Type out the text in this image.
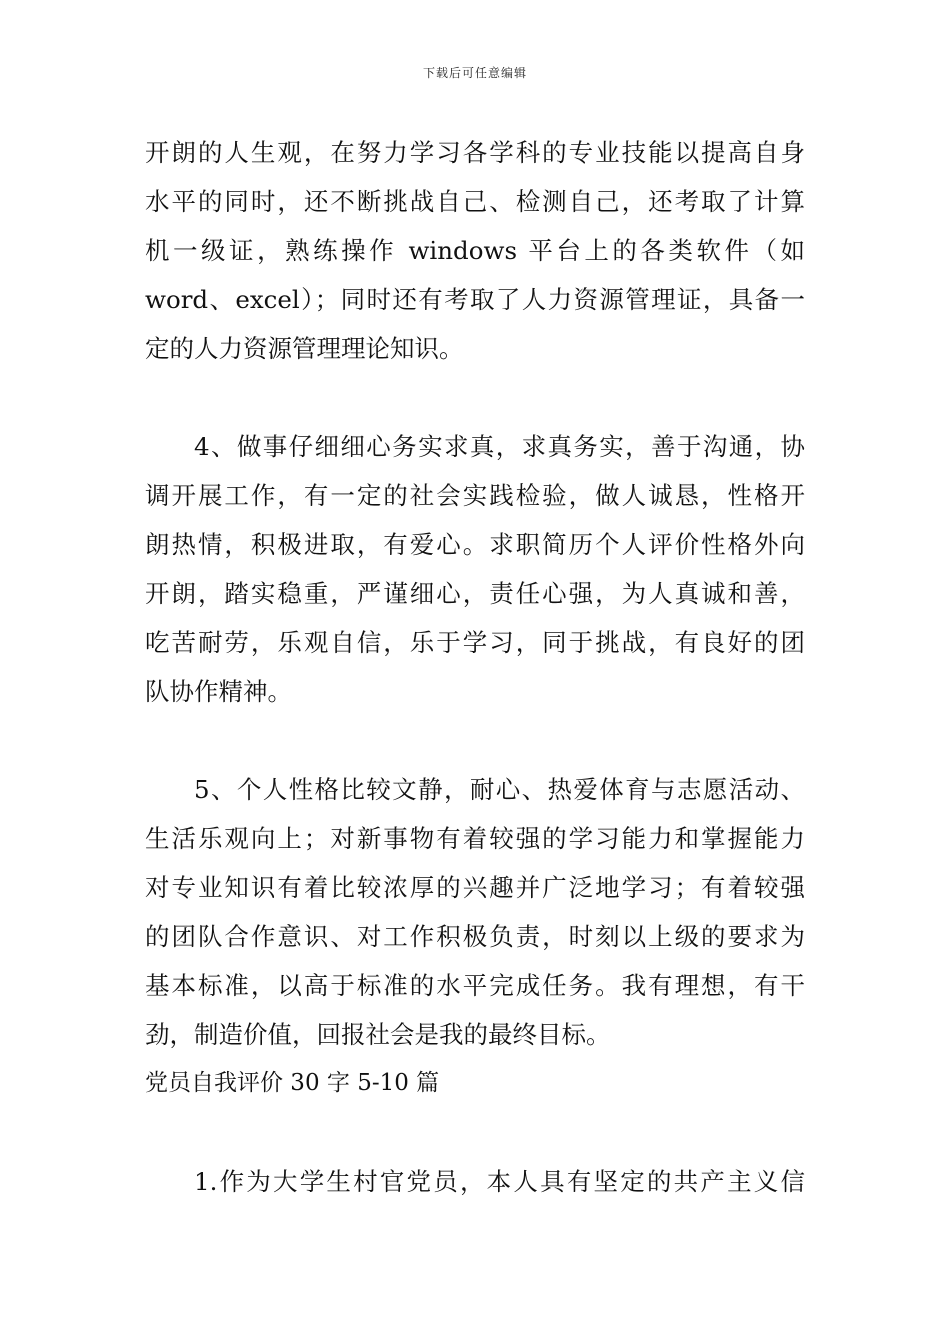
下载后可任意编辑
开朗的人生观，在努力学习各学科的专业技能以提高自身
水平的同时，还不断挑战自己、检测自己，还考取了计算
机一级证，熟练操作 windows 平台上的各类软件（如
word、excel）；同时还有考取了人力资源管理证，具备一
定的人力资源管理理论知识。
4、做事仔细细心务实求真，求真务实，善于沟通，协
调开展工作，有一定的社会实践检验，做人诚恳，性格开
朗热情，积极进取，有爱心。求职简历个人评价性格外向
开朗，踏实稳重，严谨细心，责任心强，为人真诚和善，
吃苦耐劳，乐观自信，乐于学习，同于挑战，有良好的团
队协作精神。
5、个人性格比较文静，耐心、热爱体育与志愿活动、
生活乐观向上；对新事物有着较强的学习能力和掌握能力
对专业知识有着比较浓厚的兴趣并广泛地学习；有着较强
的团队合作意识、对工作积极负责，时刻以上级的要求为
基本标准，以高于标准的水平完成任务。我有理想，有干
劲，制造价值，回报社会是我的最终目标。
党员自我评价 30 字 5-10 篇
1.作为大学生村官党员，本人具有坚定的共产主义信
